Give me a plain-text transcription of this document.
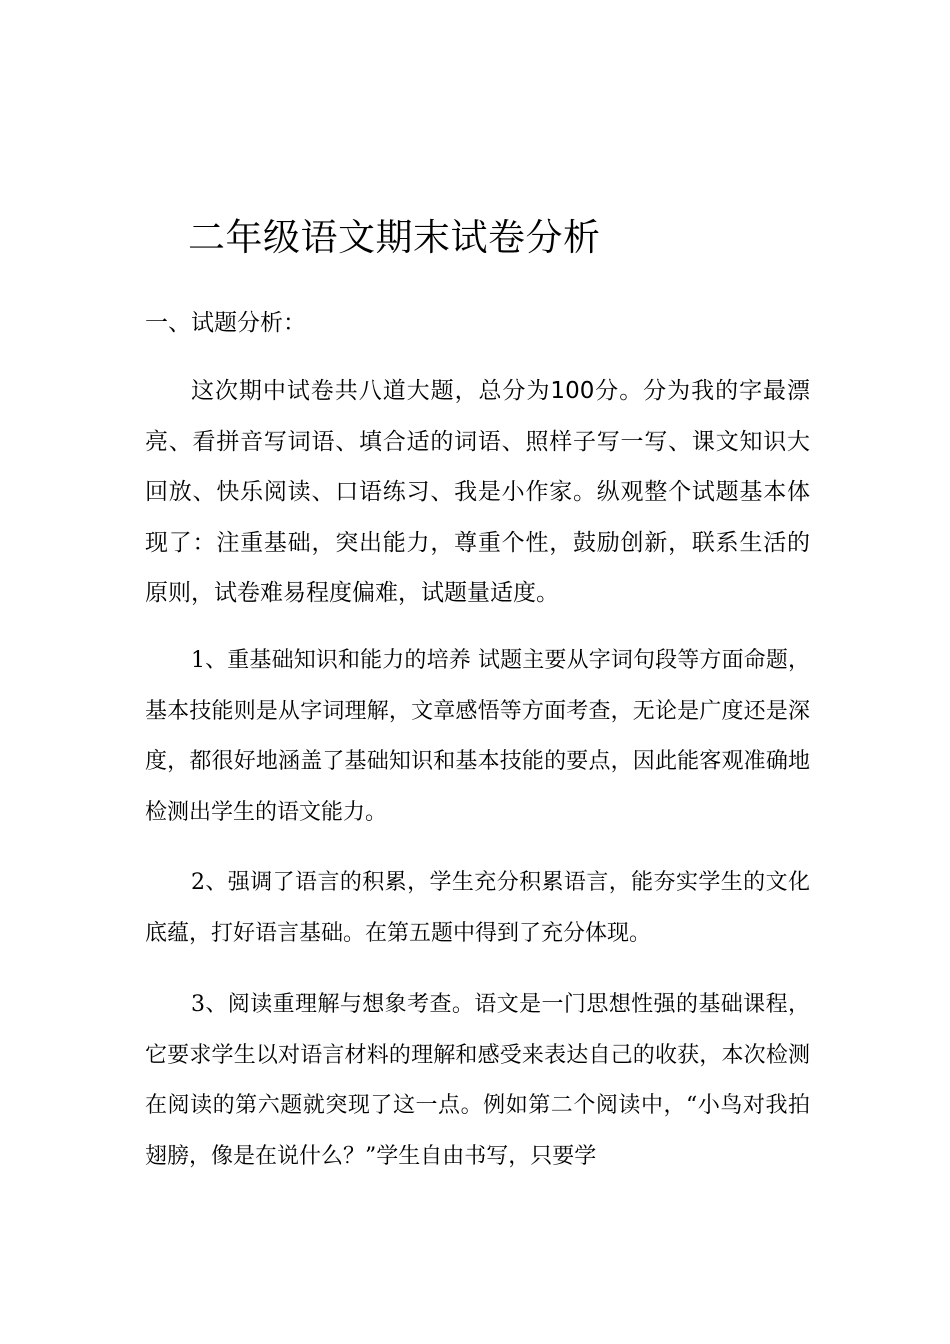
二年级语文期末试卷分析
一、试题分析：

这次期中试卷共八道大题，总分为100分。分为我的字最漂亮、看拼音写词语、填合适的词语、照样子写一写、课文知识大回放、快乐阅读、口语练习、我是小作家。纵观整个试题基本体现了：注重基础，突出能力，尊重个性，鼓励创新，联系生活的原则，试卷难易程度偏难，试题量适度。

1、重基础知识和能力的培养 试题主要从字词句段等方面命题，基本技能则是从字词理解，文章感悟等方面考查，无论是广度还是深度，都很好地涵盖了基础知识和基本技能的要点，因此能客观准确地检测出学生的语文能力。

2、强调了语言的积累，学生充分积累语言，能夯实学生的文化底蕴，打好语言基础。在第五题中得到了充分体现。

3、阅读重理解与想象考查。语文是一门思想性强的基础课程，它要求学生以对语言材料的理解和感受来表达自己的收获，本次检测在阅读的第六题就突现了这一点。例如第二个阅读中，“小鸟对我拍翅膀，像是在说什么？”学生自由书写，只要学
